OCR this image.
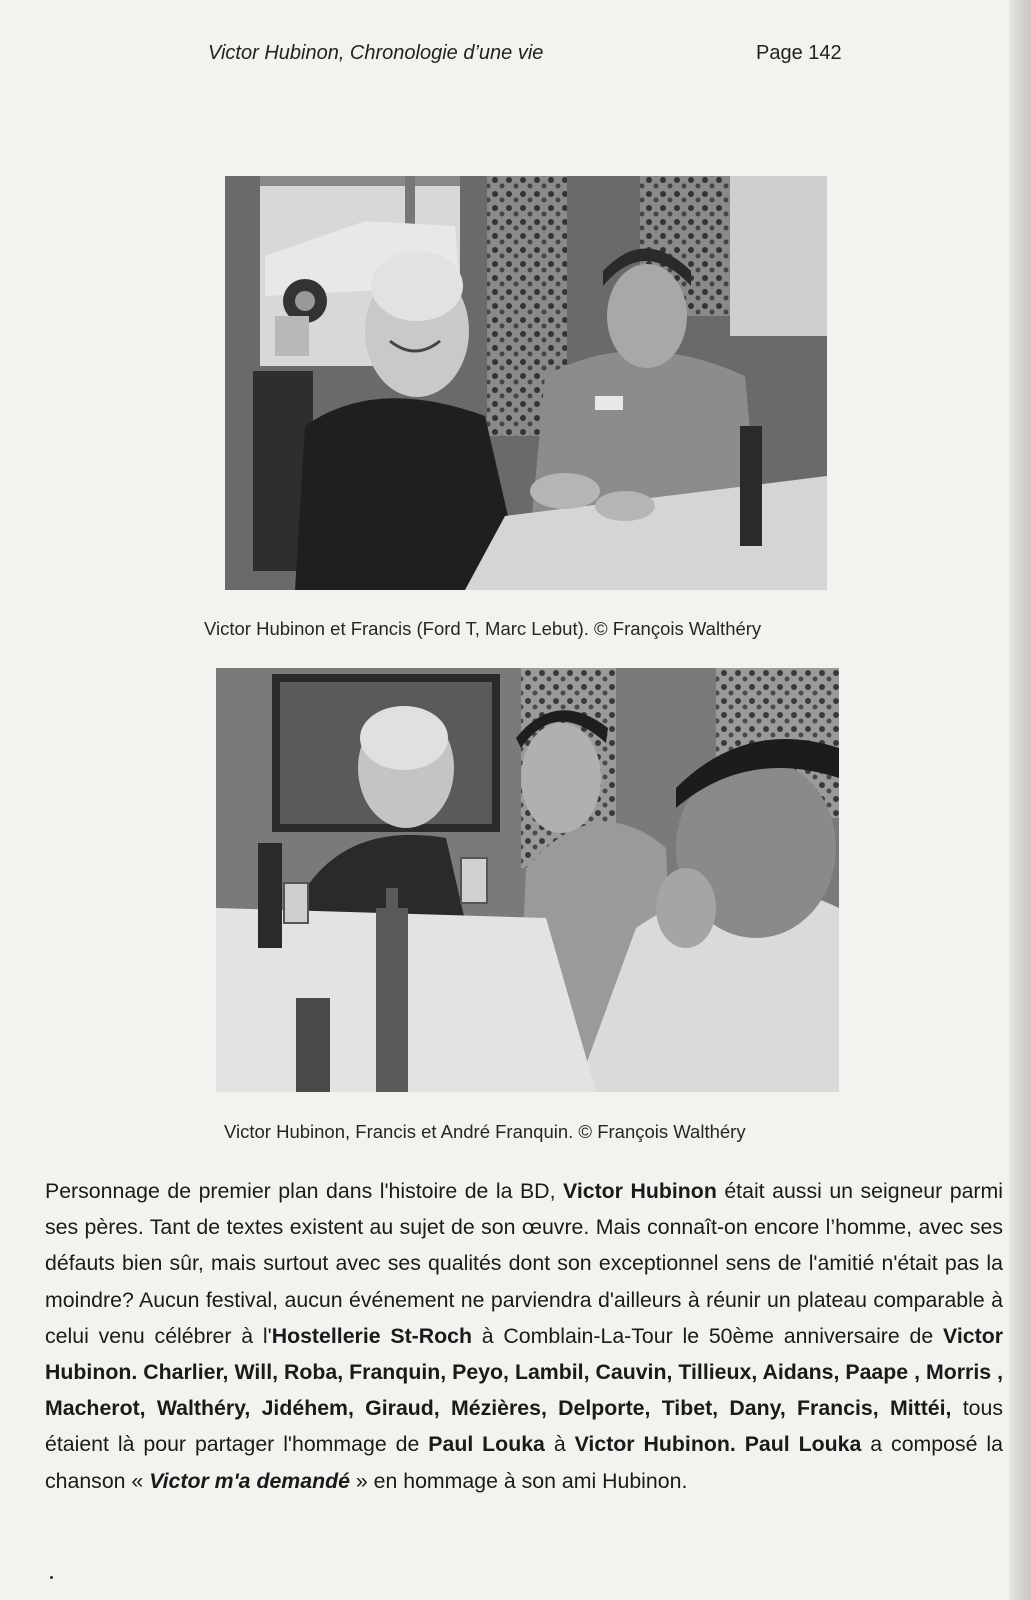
Victor Hubinon, Chronologie d’une vie	Page 142
Victor Hubinon et Francis (Ford T, Marc Lebut). © François Walthéry
Victor Hubinon, Francis et André Franquin. © François Walthéry
Personnage de premier plan dans l'histoire de la BD, Victor Hubinon était aussi un seigneur parmi ses pères. Tant de textes existent au sujet de son œuvre. Mais connaît-on encore l’homme, avec ses défauts bien sûr, mais surtout avec ses qualités dont son exceptionnel sens de l'amitié n'était pas la moindre? Aucun festival, aucun événement ne parviendra d'ailleurs à réunir un plateau comparable à celui venu célébrer à l'Hostellerie St-Roch à Comblain-La-Tour le 50ème anniversaire de Victor Hubinon. Charlier, Will, Roba, Franquin, Peyo, Lambil, Cauvin, Tillieux, Aidans, Paape , Morris , Macherot, Walthéry, Jidéhem, Giraud, Mézières, Delporte, Tibet, Dany, Francis, Mittéi, tous étaient là pour partager l'hommage de Paul Louka à Victor Hubinon. Paul Louka a composé la chanson « Victor m'a demandé » en hommage à son ami Hubinon.
